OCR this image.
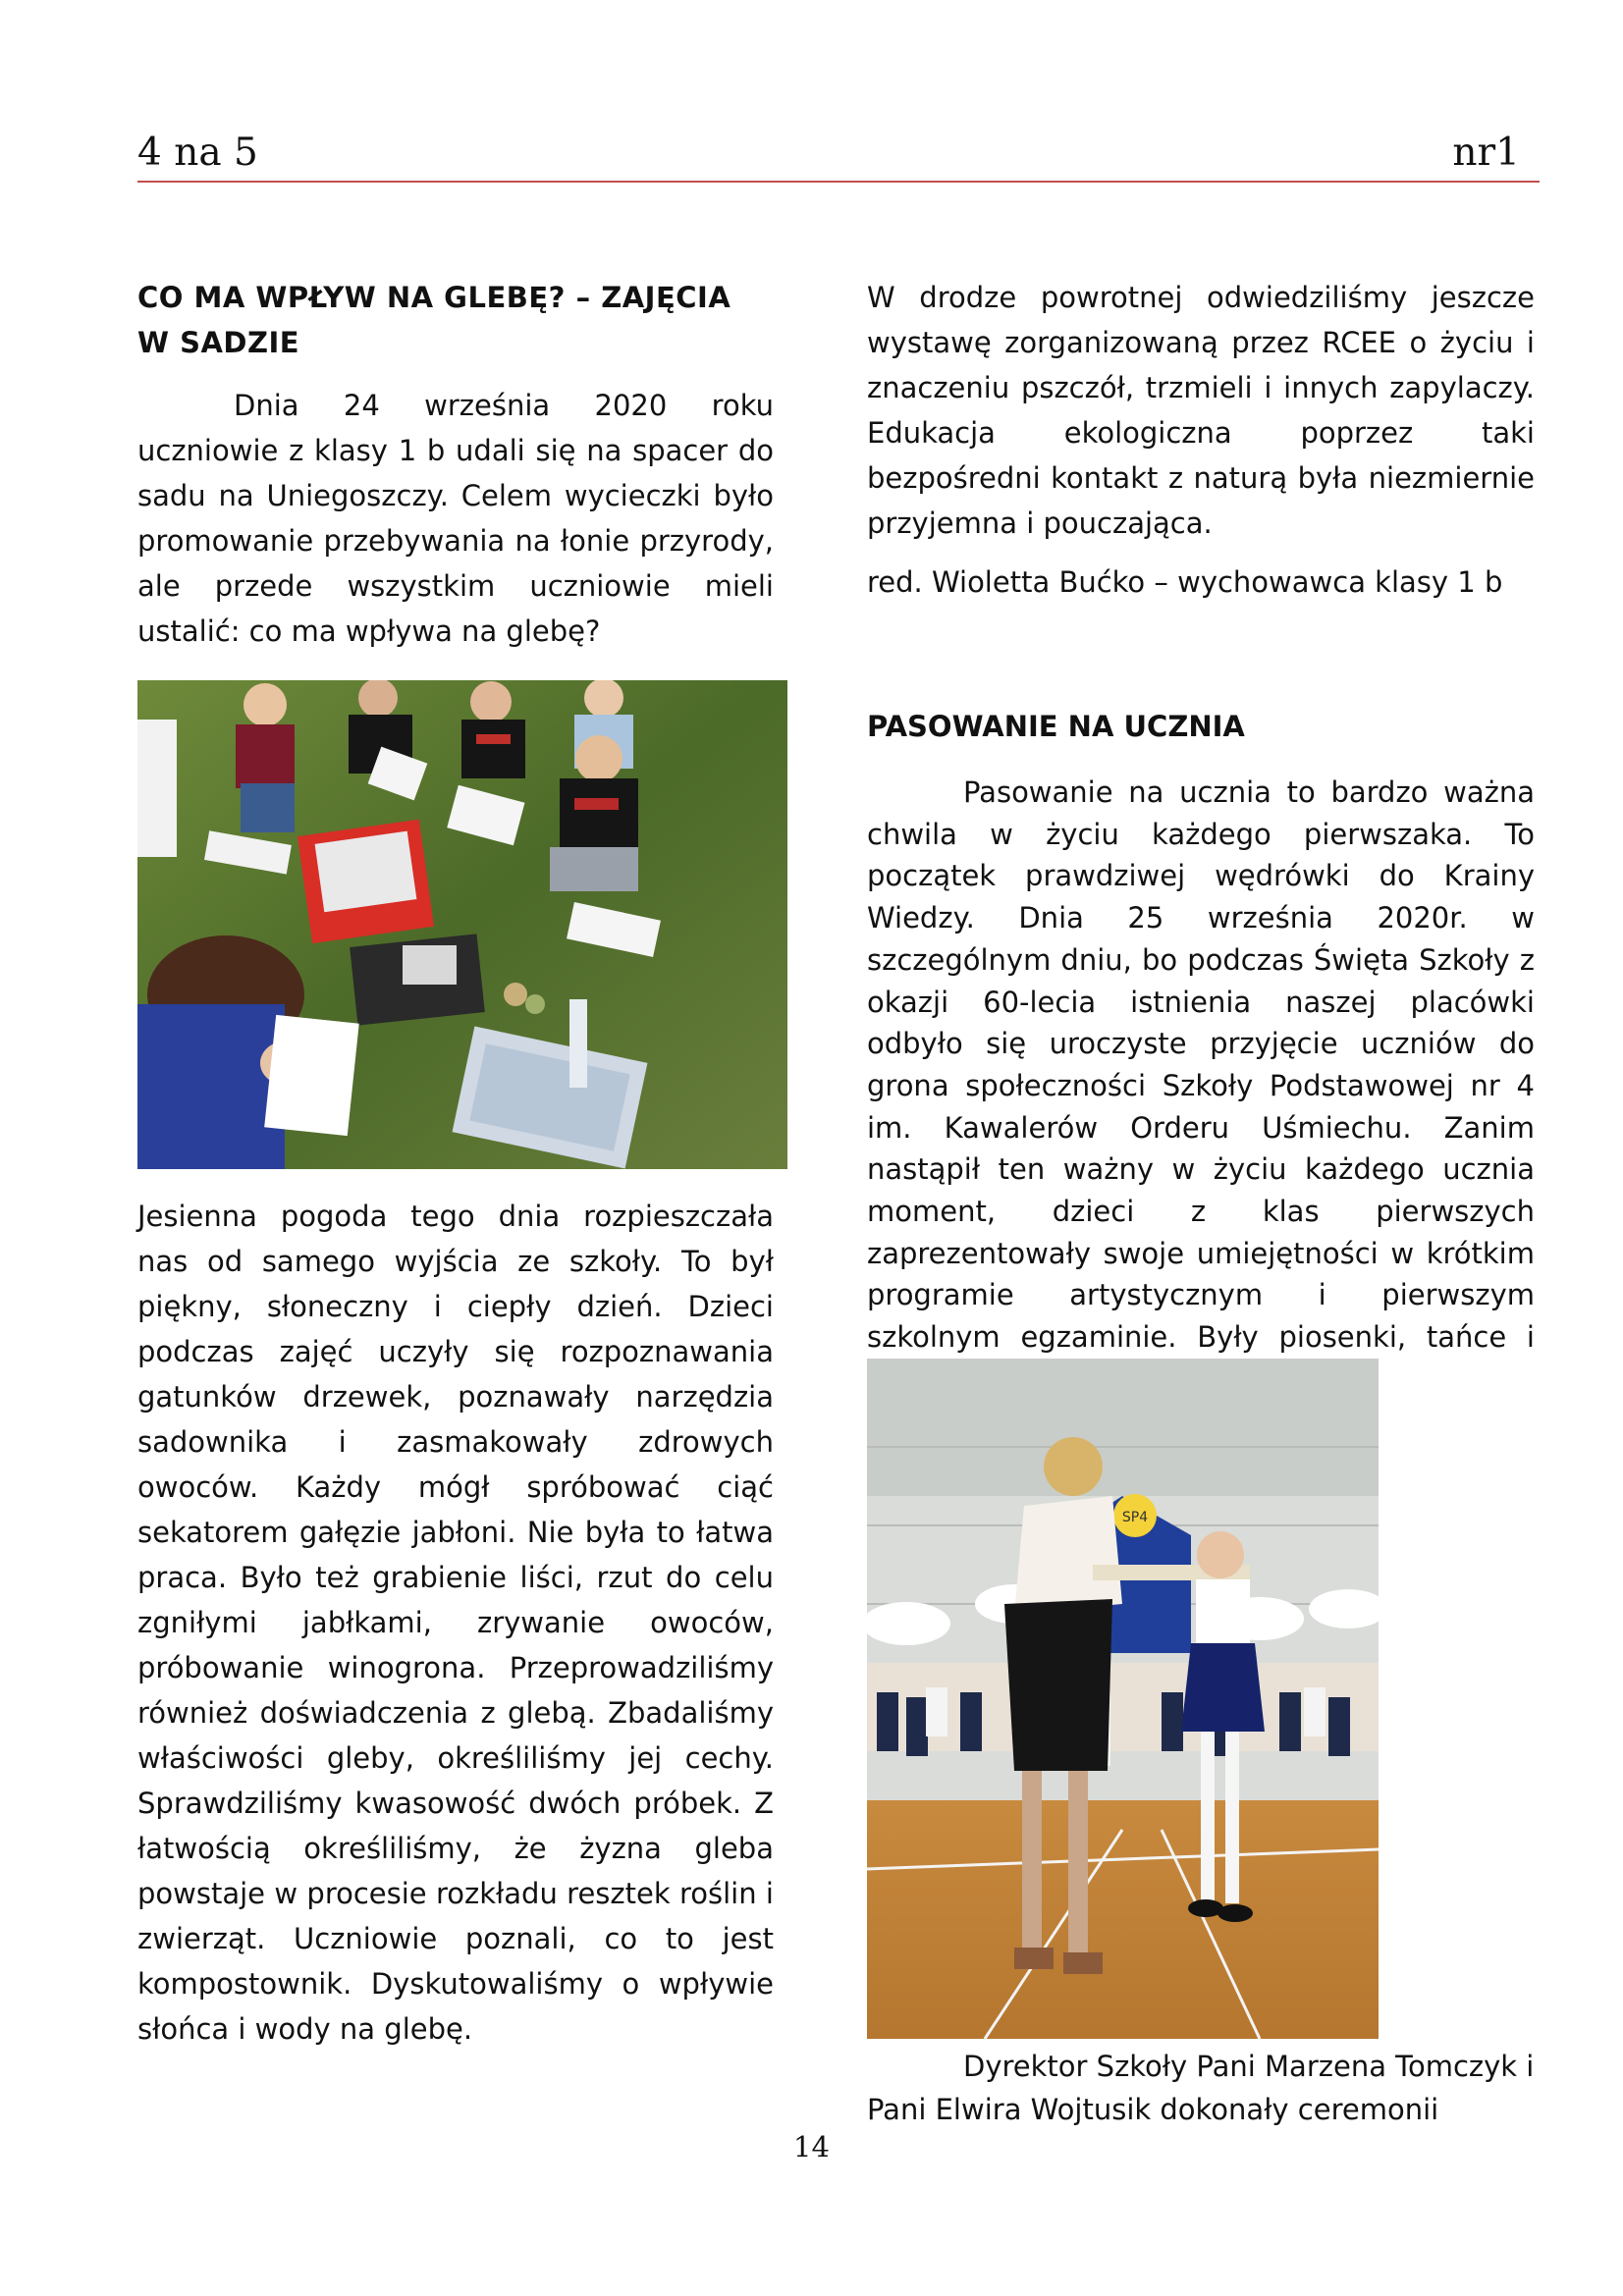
4 na 5	nr1
CO MA WPŁYW NA GLEBĘ? – ZAJĘCIA
W SADZIE

Dnia 24 września 2020 roku uczniowie z klasy 1 b udali się na spacer do sadu na Uniegoszczy. Celem wycieczki było promowanie przebywania na łonie przyrody, ale przede wszystkim uczniowie mieli ustalić: co ma wpływa na glebę?

Jesienna pogoda tego dnia rozpieszczała nas od samego wyjścia ze szkoły. To był piękny, słoneczny i ciepły dzień. Dzieci podczas zajęć uczyły się rozpoznawania gatunków drzewek, poznawały narzędzia sadownika i zasmakowały zdrowych owoców. Każdy mógł spróbować ciąć sekatorem gałęzie jabłoni. Nie była to łatwa praca. Było też grabienie liści, rzut do celu zgniłymi jabłkami, zrywanie owoców, próbowanie winogrona. Przeprowadziliśmy również doświadczenia z glebą. Zbadaliśmy właściwości gleby, określiliśmy jej cechy. Sprawdziliśmy kwasowość dwóch próbek. Z łatwością określiliśmy, że żyzna gleba powstaje w procesie rozkładu resztek roślin i zwierząt. Uczniowie poznali, co to jest kompostownik. Dyskutowaliśmy o wpływie słońca i wody na glebę.

W drodze powrotnej odwiedziliśmy jeszcze wystawę zorganizowaną przez RCEE o życiu i znaczeniu pszczół, trzmieli i innych zapylaczy. Edukacja ekologiczna poprzez taki bezpośredni kontakt z naturą była niezmiernie przyjemna i pouczająca.

red. Wioletta Bućko – wychowawca klasy 1 b

PASOWANIE NA UCZNIA

Pasowanie na ucznia to bardzo ważna chwila w życiu każdego pierwszaka. To początek prawdziwej wędrówki do Krainy Wiedzy. Dnia 25 września 2020r. w szczególnym dniu, bo podczas Święta Szkoły z okazji 60-lecia istnienia naszej placówki odbyło się uroczyste przyjęcie uczniów do grona społeczności Szkoły Podstawowej nr 4 im. Kawalerów Orderu Uśmiechu. Zanim nastąpił ten ważny w życiu każdego ucznia moment, dzieci z klas pierwszych zaprezentowały swoje umiejętności w krótkim programie artystycznym i pierwszym szkolnym egzaminie. Były piosenki, tańce i

SP4

Dyrektor Szkoły Pani Marzena Tomczyk i Pani Elwira Wojtusik dokonały ceremonii

14
